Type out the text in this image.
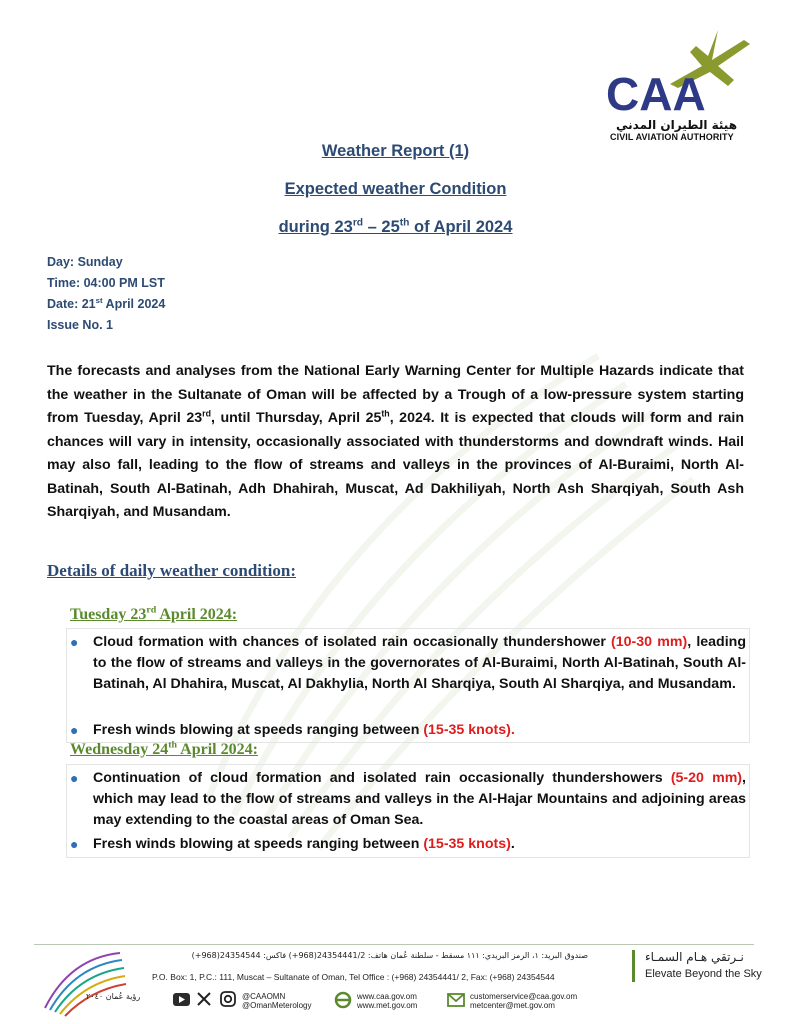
CAA
هيئة الطيران المدني
CIVIL AVIATION AUTHORITY
Weather Report (1)
Expected weather Condition
during 23rd – 25th of April 2024
Day: Sunday
Time: 04:00 PM LST
Date: 21st April 2024
Issue No. 1
The forecasts and analyses from the National Early Warning Center for Multiple Hazards indicate that the weather in the Sultanate of Oman will be affected by a Trough of a low-pressure system starting from Tuesday, April 23rd, until Thursday, April 25th, 2024. It is expected that clouds will form and rain chances will vary in intensity, occasionally associated with thunderstorms and downdraft winds. Hail may also fall, leading to the flow of streams and valleys in the provinces of Al-Buraimi, North Al-Batinah, South Al-Batinah, Adh Dhahirah, Muscat, Ad Dakhiliyah, North Ash Sharqiyah, South Ash Sharqiyah, and Musandam.
Details of daily weather condition:
Tuesday 23rd April 2024:
●	Cloud formation with chances of isolated rain occasionally thundershower (10-30 mm), leading to the flow of streams and valleys in the governorates of Al-Buraimi, North Al-Batinah, South Al-Batinah, Al Dhahira, Muscat, Al Dakhylia, North Al Sharqiya, South Al Sharqiya, and Musandam.
●	Fresh winds blowing at speeds ranging between (15-35 knots).
Wednesday 24th April 2024:
●	Continuation of cloud formation and isolated rain occasionally thundershowers (5-20 mm), which may lead to the flow of streams and valleys in the Al-Hajar Mountains and adjoining areas may extending to the coastal areas of Oman Sea.
●	Fresh winds blowing at speeds ranging between (15-35 knots).
رؤية عُمان ٢٠٤٠
صندوق البريد: ١، الرمز البريدي: ١١١ مسقط - سلطنة عُمان هاتف: 24354441/2(968+) فاكس: 24354544(968+)
P.O. Box: 1, P.C.: 111, Muscat – Sultanate of Oman, Tel Office : (+968) 24354441/ 2, Fax: (+968) 24354544
@CAAOMN
@OmanMeterology
www.caa.gov.om
www.met.gov.om
customerservice@caa.gov.om
metcenter@met.gov.om
نـرتقي هـام السمـاء
Elevate Beyond the Sky
